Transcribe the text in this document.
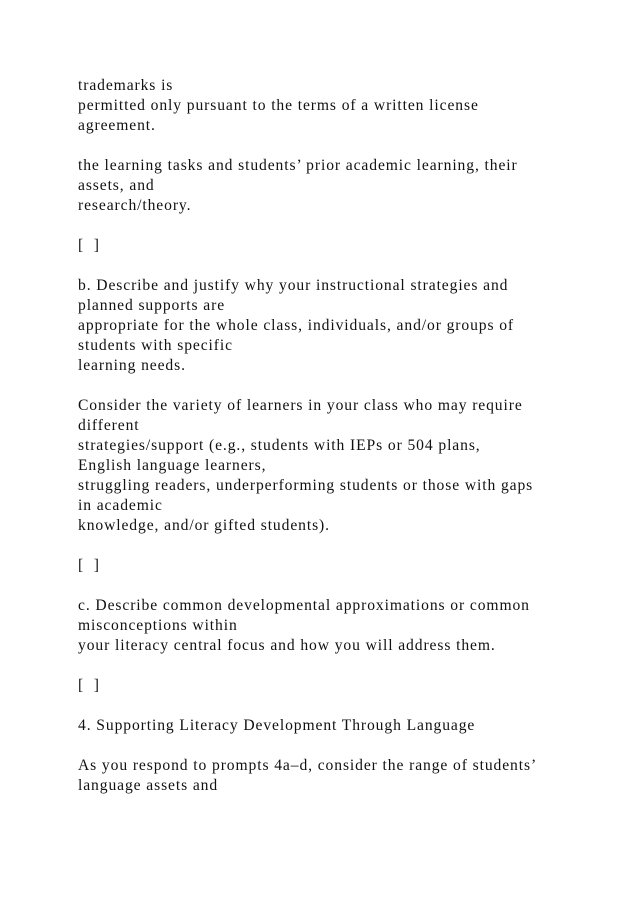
trademarks is
permitted only pursuant to the terms of a written license
agreement.
the learning tasks and students’ prior academic learning, their
assets, and
research/theory.
[  ]
b. Describe and justify why your instructional strategies and
planned supports are
appropriate for the whole class, individuals, and/or groups of
students with specific
learning needs.
Consider the variety of learners in your class who may require
different
strategies/support (e.g., students with IEPs or 504 plans,
English language learners,
struggling readers, underperforming students or those with gaps
in academic
knowledge, and/or gifted students).
[  ]
c. Describe common developmental approximations or common
misconceptions within
your literacy central focus and how you will address them.
[  ]
4. Supporting Literacy Development Through Language
As you respond to prompts 4a–d, consider the range of students’
language assets and
